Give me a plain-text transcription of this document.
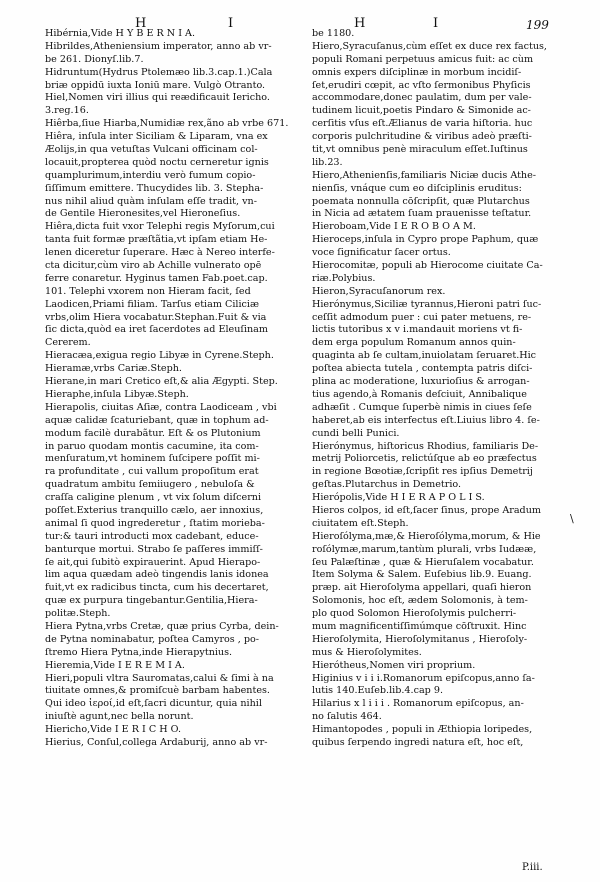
H	I	H	I	199
Hibérnia,Vide H Y B E R N I A.
Hibrildes,Atheniensium imperator, anno ab vr-
be 261. Dionyſ.lib.7.
Hidruntum(Hydrus Ptolemæo lib.3.cap.1.)Cala
briæ oppidū iuxta Ioniū mare. Vulgò Otranto.
Hiel,Nomen viri illius qui reædificauit Iericho.
3.reg.16.
Hiêrba,ſiue Hiarba,Numidiæ rex,ãno ab vrbe 671.
Hiêra, inſula inter Siciliam & Liparam, vna ex
Æolijs,in qua vetuſtas Vulcani officinam col-
locauit,propterea quòd noctu cerneretur ignis
quamplurimum,interdiu verò fumum copio-
ſiſſimum emittere. Thucydides lib. 3. Stepha-
nus nihil aliud quàm inſulam eſſe tradit, vn-
de Gentile Hieronesites,vel Hieroneſius.
Hiêra,dicta fuit vxor Telephi regis Myſorum,cui
tanta fuit formæ præſtãtia,vt ipſam etiam He-
lenen diceretur ſuperare. Hæc à Nereo interfe-
cta dicitur,cùm viro ab Achille vulnerato opē
ferre conaretur. Hyginus tamen Fab.poet.cap.
101. Telephi vxorem non Hieram facit, ſed
Laodicen,Priami filiam. Tarſus etiam Ciliciæ
vrbs,olim Hiera vocabatur.Stephan.Fuit & via
ſic dicta,quòd ea iret ſacerdotes ad Eleuſinam
Cererem.
Hieracæa,exigua regio Libyæ in Cyrene.Steph.
Hieramæ,vrbs Cariæ.Steph.
Hierane,in mari Cretico eſt,& alia Ægypti. Step.
Hieraphe,inſula Libyæ.Steph.
Hierapolis, ciuitas Aſiæ, contra Laodiceam , vbi
aquæ calidæ ſcaturiebant, quæ in tophum ad-
modum facilè durabãtur. Eſt & os Plutonium
in paruo quodam montis cacumine, ita com-
menſuratum,vt hominem ſuſcipere poſſit mi-
ra profunditate , cui vallum propoſitum erat
quadratum ambitu ſemiiugero , nebuloſa &
craſſa caligine plenum , vt vix ſolum diſcerni
poſſet.Exterius tranquillo cælo, aer innoxius,
animal ſi quod ingrederetur , ſtatim morieba-
tur:& tauri introducti mox cadebant, educe-
banturque mortui. Strabo ſe paſſeres immiſſ-
ſe ait,qui ſubitò expirauerint. Apud Hierapo-
lim aqua quædam adeò tingendis lanis idonea
fuit,vt ex radicibus tincta, cum his decertaret,
quæ ex purpura tingebantur.Gentilia,Hiera-
politæ.Steph.
Hiera Pytna,vrbs Cretæ, quæ prius Cyrba, dein-
de Pytna nominabatur, poſtea Camyros , po-
ſtremo Hiera Pytna,inde Hierapytnius.
Hieremia,Vide I E R E M I A.
Hieri,populi vltra Sauromatas,calui & ſimi à na
tiuitate omnes,& promiſcuè barbam habentes.
Qui ideo ἱεροί,id eſt,ſacri dicuntur, quia nihil
iniuſtè agunt,nec bella norunt.
Hiericho,Vide I E R I C H O.
Hierius, Conſul,collega Ardaburij, anno ab vr-
be 1180.
Hiero,Syracuſanus,cùm eſſet ex duce rex factus,
populi Romani perpetuus amicus fuit: ac cùm
omnis expers diſciplinæ in morbum incidiſ-
ſet,erudiri cœpit, ac vſto ſermonibus Phyſicis
accommodare,donec paulatim, dum per vale-
tudinem licuit,poetis Pindaro & Simonide ac-
cerſitis vſus eſt.Ælianus de varia hiſtoria. huc
corporis pulchritudine & viribus adeò præſti-
tit,vt omnibus penè miraculum eſſet.Iuſtinus
lib.23.
Hiero,Athenienſis,familiaris Niciæ ducis Athe-
nienſis, vnáque cum eo diſciplinis eruditus:
poemata nonnulla cōſcripſit, quæ Plutarchus
in Nicia ad ætatem ſuam prauenisse teſtatur.
Hieroboam,Vide I E R O B O A M.
Hieroceps,inſula in Cypro prope Paphum, quæ
voce ſignificatur ſacer ortus.
Hierocomitæ, populi ab Hierocome ciuitate Ca-
riæ.Polybius.
Hieron,Syracuſanorum rex.
Hierónymus,Siciliæ tyrannus,Hieroni patri ſuc-
ceſſit admodum puer : cui pater metuens, re-
lictis tutoribus x v i.mandauit moriens vt fi-
dem erga populum Romanum annos quin-
quaginta ab ſe cultam,inuiolatam ſeruaret.Hic
poſtea abiecta tutela , contempta patris diſci-
plina ac moderatione, luxurioſius & arrogan-
tius agendo,à Romanis deſciuit, Annibalique
adhæſit . Cumque ſuperbè nimis in ciues ſeſe
haberet,ab eis interfectus eſt.Liuius libro 4. ſe-
cundi belli Punici.
Hierónymus, hiſtoricus Rhodius, familiaris De-
metrij Poliorcetis, relictúſque ab eo præfectus
in regione Bœotiæ,ſcripſit res ipſius Demetrij
geſtas.Plutarchus in Demetrio.
Hierópolis,Vide H I E R A P O L I S.
Hieros colpos, id eſt,ſacer ſinus, prope Aradum
ciuitatem eſt.Steph.
Hieroſólyma,mæ,& Hieroſólyma,morum, & Hie
roſólymæ,marum,tantùm plurali, vrbs Iudææ,
ſeu Palæſtinæ , quæ & Hieruſalem vocabatur.
Item Solyma & Salem. Euſebius lib.9. Euang.
præp. ait Hieroſolyma appellari, quaſi hieron
Solomonis, hoc eſt, ædem Solomonis, à tem-
plo quod Solomon Hieroſolymis pulcherri-
mum magnificentiſſimúmque cōſtruxit. Hinc
Hieroſolymita, Hieroſolymitanus , Hieroſoly-
mus & Hieroſolymites.
Hierótheus,Nomen viri proprium.
Higinius v i i i.Romanorum epiſcopus,anno ſa-
lutis 140.Euſeb.lib.4.cap 9.
Hilarius x l i i i . Romanorum epiſcopus, an-
no ſalutis 464.
Himantopodes , populi in Æthiopia loripedes,
quibus ſerpendo ingredi natura eſt, hoc eſt,
\
P.iii.
